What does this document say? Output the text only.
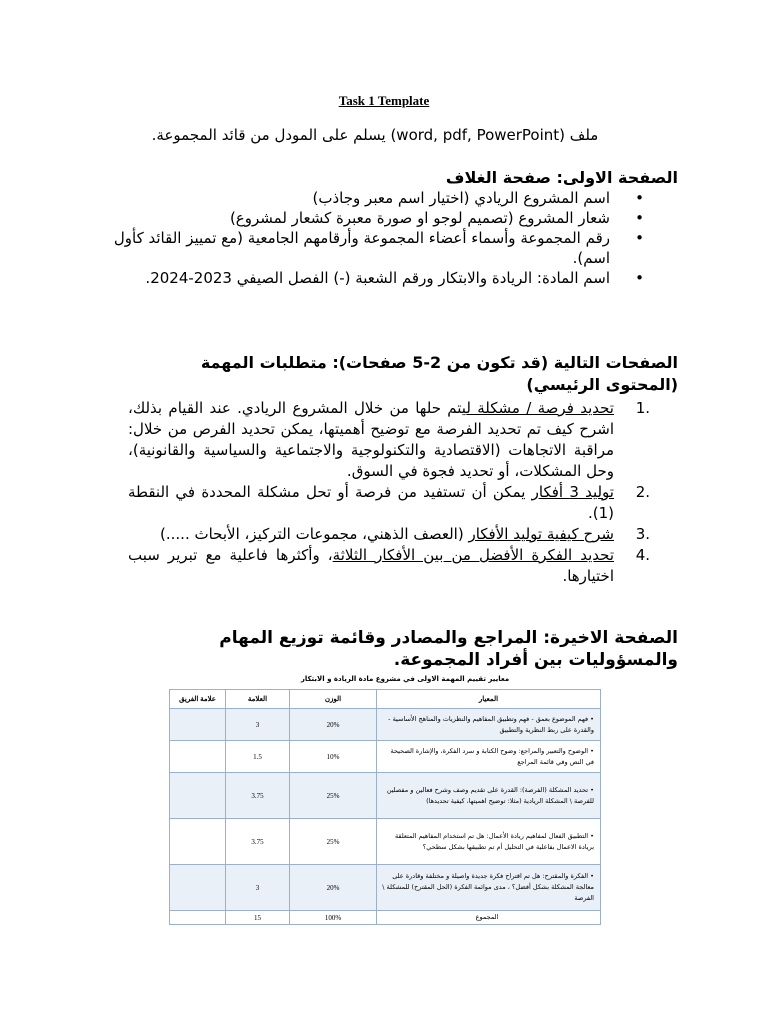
Task 1 Template
ملف (word, pdf, PowerPoint) يسلم على المودل من قائد المجموعة.
الصفحة الاولى: صفحة الغلاف
•
اسم المشروع الريادي (اختيار اسم معبر وجاذب)
•
شعار المشروع (تصميم لوجو او صورة معبرة كشعار لمشروع)
•
رقم المجموعة وأسماء أعضاء المجموعة وأرقامهم الجامعية (مع تمييز القائد كأول اسم).
•
اسم المادة: الريادة والابتكار ورقم الشعبة (-) الفصل الصيفي 2023-2024.
الصفحات التالية (قد تكون من 2-5 صفحات): متطلبات المهمة (المحتوى الرئيسي)
1.
تحديد فرصة / مشكلة ليتم حلها من خلال المشروع الريادي. عند القيام بذلك، اشرح كيف تم تحديد الفرصة مع توضيح أهميتها، يمكن تحديد الفرص من خلال: مراقبة الاتجاهات (الاقتصادية والتكنولوجية والاجتماعية والسياسية والقانونية)، وحل المشكلات، أو تحديد فجوة في السوق.
2.
توليد 3 أفكار يمكن أن تستفيد من فرصة أو تحل مشكلة المحددة في النقطة (1).
3.
شرح كيفية توليد الأفكار (العصف الذهني، مجموعات التركيز، الأبحاث .....)
4.
تحديد الفكرة الأفضل من بين الأفكار الثلاثة، وأكثرها فاعلية مع تبرير سبب اختيارها.
الصفحة الاخيرة: المراجع والمصادر وقائمة توزيع المهام والمسؤوليات بين أفراد المجموعة.
معايير تقييم المهمة الاولى في مشروع مادة الريادة و الابتكار
علامة الفريق	العلامة	الوزن	المعيار
	3	20%	• فهم الموضوع بعمق - فهم وتطبيق المفاهيم والنظريات والمناهج الأساسية - والقدرة على ربط النظرية والتطبيق
	1.5	10%	• الوضوح والتعبير والمراجع: وضوح الكتابة و سرد الفكرة، والإشارة الصحيحة في النص وفي قائمة المراجع
	3.75	25%	• تحديد المشكلة (الفرصة): القدرة على تقديم وصف وشرح فعالين و مفصلين للفرصة \ المشكلة الريادية (مثلا: توضيح اهميتها، كيفية تحديدها)
	3.75	25%	• التطبيق الفعال لمفاهيم ريادة الأعمال: هل تم استخدام المفاهيم المتعلقة بريادة الاعمال بفاعلية في التحليل أم تم تطبيقها بشكل سطحي؟
	3	20%	• الفكرة والمقترح: هل تم اقتراح فكرة جديدة واصيلة و مختلفة وقادرة على معالجة المشكلة بشكل أفضل؟ ، مدى موائمة الفكرة (الحل المقترح) للمشكلة \ الفرصة
	15	100%	المجموع
